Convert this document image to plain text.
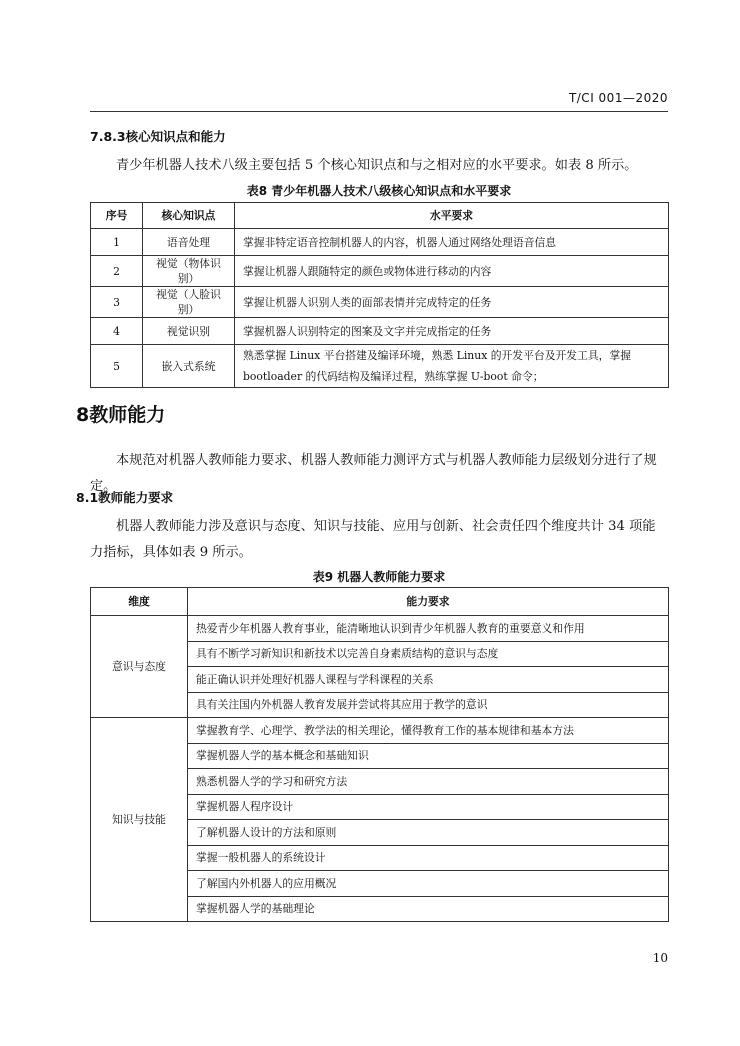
T/CI 001—2020
7.8.3核心知识点和能力
青少年机器人技术八级主要包括 5 个核心知识点和与之相对应的水平要求。如表 8 所示。
表8 青少年机器人技术八级核心知识点和水平要求
序号	核心知识点	水平要求
1	语音处理	掌握非特定语音控制机器人的内容，机器人通过网络处理语音信息
2	视觉（物体识别）	掌握让机器人跟随特定的颜色或物体进行移动的内容
3	视觉（人脸识别）	掌握让机器人识别人类的面部表情并完成特定的任务
4	视觉识别	掌握机器人识别特定的图案及文字并完成指定的任务
5	嵌入式系统	熟悉掌握 Linux 平台搭建及编译环境，熟悉 Linux 的开发平台及开发工具，掌握 bootloader 的代码结构及编译过程，熟练掌握 U-boot 命令；
8教师能力
本规范对机器人教师能力要求、机器人教师能力测评方式与机器人教师能力层级划分进行了规定。
8.1教师能力要求
机器人教师能力涉及意识与态度、知识与技能、应用与创新、社会责任四个维度共计 34 项能力指标，具体如表 9 所示。
表9 机器人教师能力要求
维度	能力要求
意识与态度	热爱青少年机器人教育事业，能清晰地认识到青少年机器人教育的重要意义和作用
	具有不断学习新知识和新技术以完善自身素质结构的意识与态度
	能正确认识并处理好机器人课程与学科课程的关系
	具有关注国内外机器人教育发展并尝试将其应用于教学的意识
知识与技能	掌握教育学、心理学、教学法的相关理论，懂得教育工作的基本规律和基本方法
	掌握机器人学的基本概念和基础知识
	熟悉机器人学的学习和研究方法
	掌握机器人程序设计
	了解机器人设计的方法和原则
	掌握一般机器人的系统设计
	了解国内外机器人的应用概况
	掌握机器人学的基础理论
10
